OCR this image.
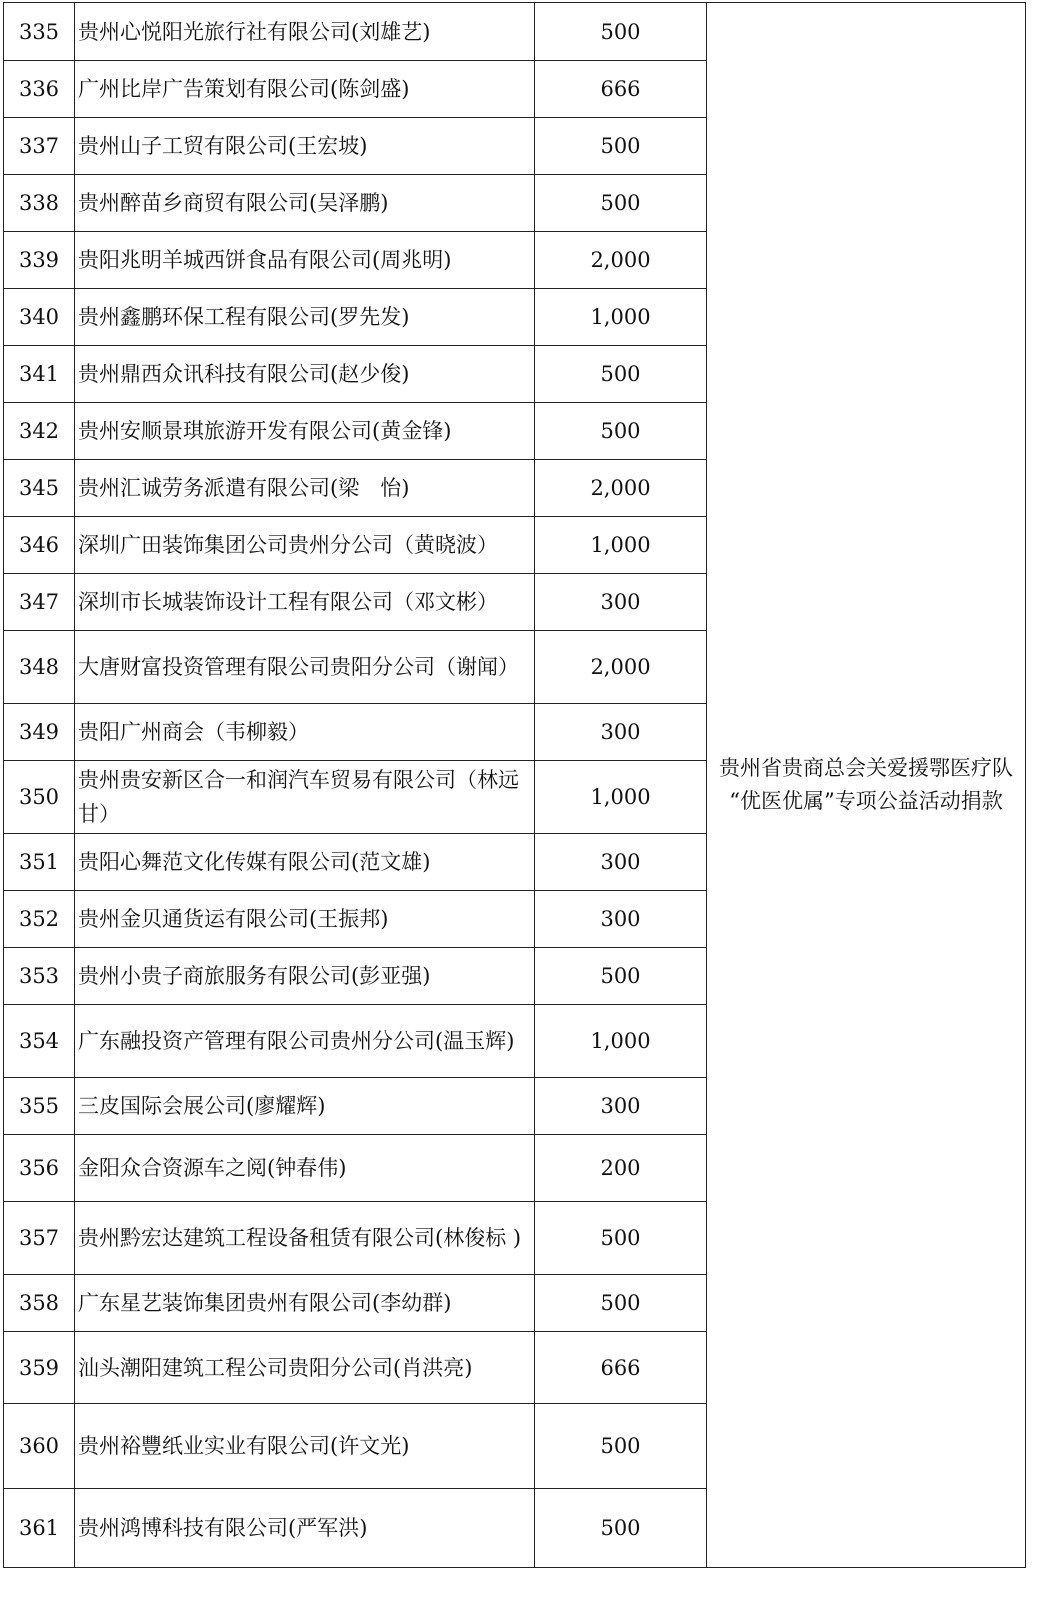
335	贵州心悦阳光旅行社有限公司(刘雄艺)	500	贵州省贵商总会关爱援鄂医疗队
“优医优属”专项公益活动捐款

336	广州比岸广告策划有限公司(陈剑盛)	666	
337	贵州山子工贸有限公司(王宏坡)	500	
338	贵州醉苗乡商贸有限公司(吴泽鹏)	500	
339	贵阳兆明羊城西饼食品有限公司(周兆明)	2,000	
340	贵州鑫鹏环保工程有限公司(罗先发)	1,000	
341	贵州鼎西众讯科技有限公司(赵少俊)	500	
342	贵州安顺景琪旅游开发有限公司(黄金锋)	500	
345	贵州汇诚劳务派遣有限公司(梁　怡)	2,000	
346	深圳广田装饰集团公司贵州分公司（黄晓波）	1,000	
347	深圳市长城装饰设计工程有限公司（邓文彬）	300	
348	大唐财富投资管理有限公司贵阳分公司（谢闻）	2,000	
349	贵阳广州商会（韦柳毅）	300	
350	贵州贵安新区合一和润汽车贸易有限公司（林远甘）	1,000	
351	贵阳心舞范文化传媒有限公司(范文雄)	300	
352	贵州金贝通货运有限公司(王振邦)	300	
353	贵州小贵子商旅服务有限公司(彭亚强)	500	
354	广东融投资产管理有限公司贵州分公司(温玉辉)	1,000	
355	三皮国际会展公司(廖耀辉)	300	
356	金阳众合资源车之阅(钟春伟)	200	
357	贵州黔宏达建筑工程设备租赁有限公司(林俊标 )	500	
358	广东星艺装饰集团贵州有限公司(李幼群)	500	
359	汕头潮阳建筑工程公司贵阳分公司(肖洪亮)	666	
360	贵州裕豐纸业实业有限公司(许文光)	500	
361	贵州鸿博科技有限公司(严军洪)	500	
